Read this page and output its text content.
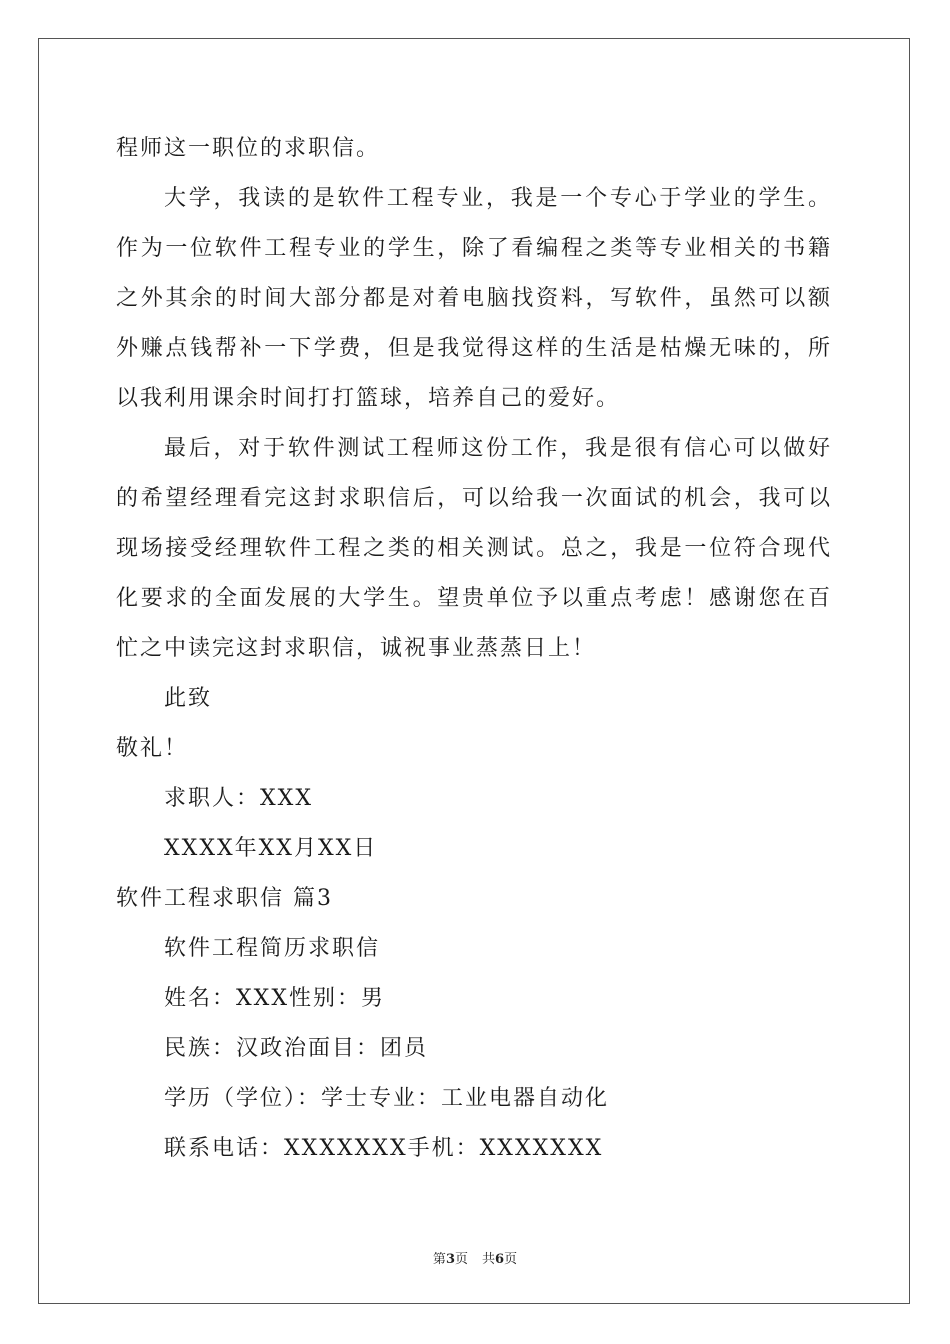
程师这一职位的求职信。

大学，我读的是软件工程专业，我是一个专心于学业的学生。作为一位软件工程专业的学生，除了看编程之类等专业相关的书籍之外其余的时间大部分都是对着电脑找资料，写软件，虽然可以额外赚点钱帮补一下学费，但是我觉得这样的生活是枯燥无味的，所以我利用课余时间打打篮球，培养自己的爱好。

最后，对于软件测试工程师这份工作，我是很有信心可以做好的希望经理看完这封求职信后，可以给我一次面试的机会，我可以现场接受经理软件工程之类的相关测试。总之，我是一位符合现代化要求的全面发展的大学生。望贵单位予以重点考虑！感谢您在百忙之中读完这封求职信，诚祝事业蒸蒸日上！

此致

敬礼！

求职人：XXX

XXXX年XX月XX日

软件工程求职信 篇3

软件工程简历求职信

姓名：XXX性别：男

民族：汉政治面目：团员

学历（学位）：学士专业：工业电器自动化

联系电话：XXXXXXX手机：XXXXXXX

第3页 共6页
